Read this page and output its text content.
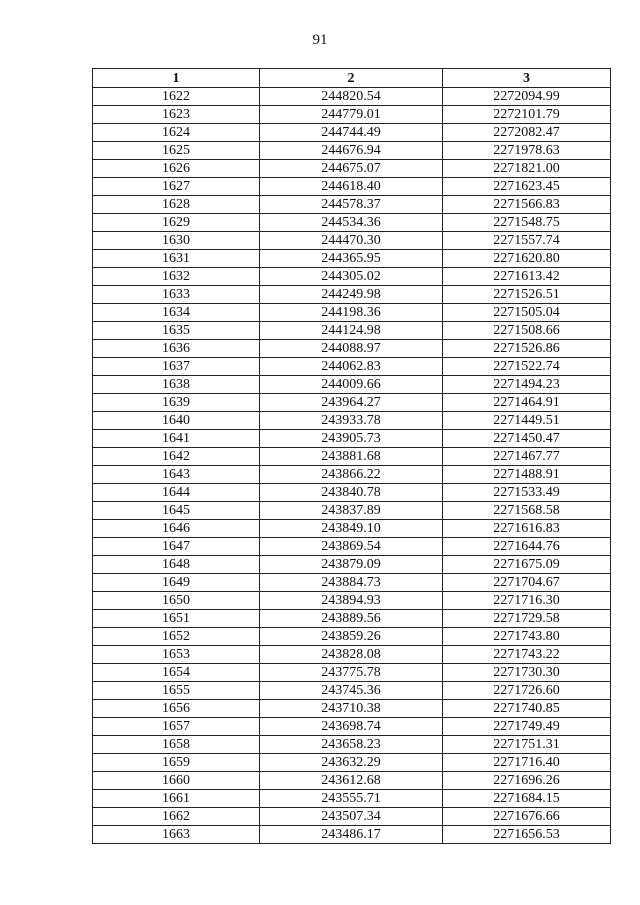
91
1	2	3
1622	244820.54	2272094.99
1623	244779.01	2272101.79
1624	244744.49	2272082.47
1625	244676.94	2271978.63
1626	244675.07	2271821.00
1627	244618.40	2271623.45
1628	244578.37	2271566.83
1629	244534.36	2271548.75
1630	244470.30	2271557.74
1631	244365.95	2271620.80
1632	244305.02	2271613.42
1633	244249.98	2271526.51
1634	244198.36	2271505.04
1635	244124.98	2271508.66
1636	244088.97	2271526.86
1637	244062.83	2271522.74
1638	244009.66	2271494.23
1639	243964.27	2271464.91
1640	243933.78	2271449.51
1641	243905.73	2271450.47
1642	243881.68	2271467.77
1643	243866.22	2271488.91
1644	243840.78	2271533.49
1645	243837.89	2271568.58
1646	243849.10	2271616.83
1647	243869.54	2271644.76
1648	243879.09	2271675.09
1649	243884.73	2271704.67
1650	243894.93	2271716.30
1651	243889.56	2271729.58
1652	243859.26	2271743.80
1653	243828.08	2271743.22
1654	243775.78	2271730.30
1655	243745.36	2271726.60
1656	243710.38	2271740.85
1657	243698.74	2271749.49
1658	243658.23	2271751.31
1659	243632.29	2271716.40
1660	243612.68	2271696.26
1661	243555.71	2271684.15
1662	243507.34	2271676.66
1663	243486.17	2271656.53
